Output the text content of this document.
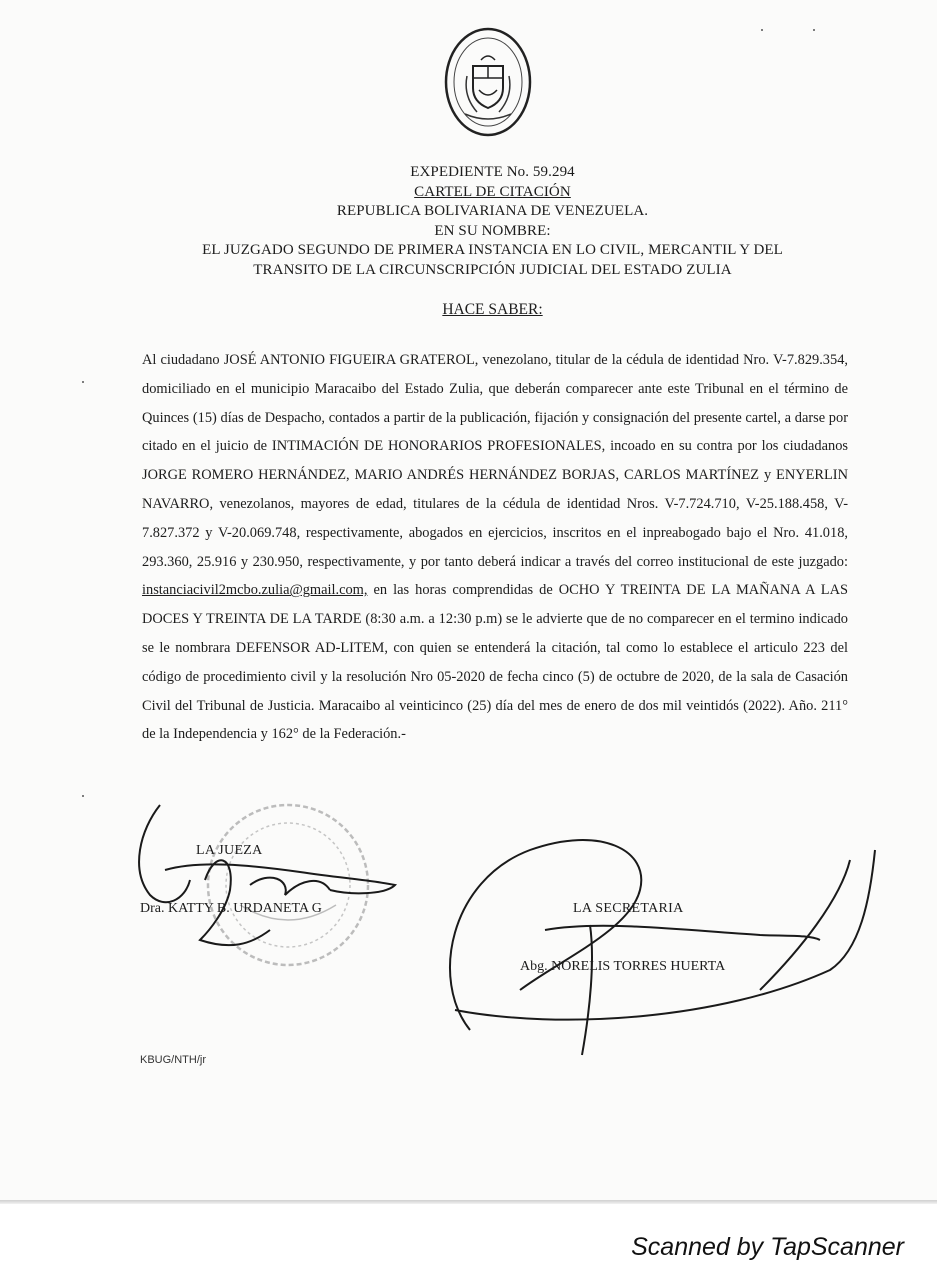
EXPEDIENTE No. 59.294
CARTEL DE CITACIÓN
REPUBLICA BOLIVARIANA DE VENEZUELA.
EN SU NOMBRE:
EL JUZGADO SEGUNDO DE PRIMERA INSTANCIA EN LO CIVIL, MERCANTIL Y DEL
TRANSITO DE LA CIRCUNSCRIPCIÓN JUDICIAL DEL ESTADO ZULIA
HACE SABER:
Al ciudadano JOSÉ ANTONIO FIGUEIRA GRATEROL, venezolano, titular de la cédula de identidad Nro. V-7.829.354, domiciliado en el municipio Maracaibo del Estado Zulia, que deberán comparecer ante este Tribunal en el término de Quinces (15) días de Despacho, contados a partir de la publicación, fijación y consignación del presente cartel, a darse por citado en el juicio de INTIMACIÓN DE HONORARIOS PROFESIONALES, incoado en su contra por los ciudadanos JORGE ROMERO HERNÁNDEZ, MARIO ANDRÉS HERNÁNDEZ BORJAS, CARLOS MARTÍNEZ y ENYERLIN NAVARRO, venezolanos, mayores de edad, titulares de la cédula de identidad Nros. V-7.724.710, V-25.188.458, V-7.827.372 y V-20.069.748, respectivamente, abogados en ejercicios, inscritos en el inpreabogado bajo el Nro. 41.018, 293.360, 25.916 y 230.950, respectivamente, y por tanto deberá indicar a través del correo institucional de este juzgado: instanciacivil2mcbo.zulia@gmail.com, en las horas comprendidas de OCHO Y TREINTA DE LA MAÑANA A LAS DOCES Y TREINTA DE LA TARDE (8:30 a.m. a 12:30 p.m) se le advierte que de no comparecer en el termino indicado se le nombrara DEFENSOR AD-LITEM, con quien se entenderá la citación, tal como lo establece el articulo 223 del código de procedimiento civil y la resolución Nro 05-2020 de fecha cinco (5) de octubre de 2020, de la sala de Casación Civil del Tribunal de Justicia. Maracaibo al veinticinco (25) día del mes de enero de dos mil veintidós (2022). Año. 211° de la Independencia y 162° de la Federación.-
LA JUEZA
Dra. KATTY B. URDANETA G	LA SECRETARIA
Abg. NORELIS TORRES HUERTA
KBUG/NTH/jr
Scanned by TapScanner
